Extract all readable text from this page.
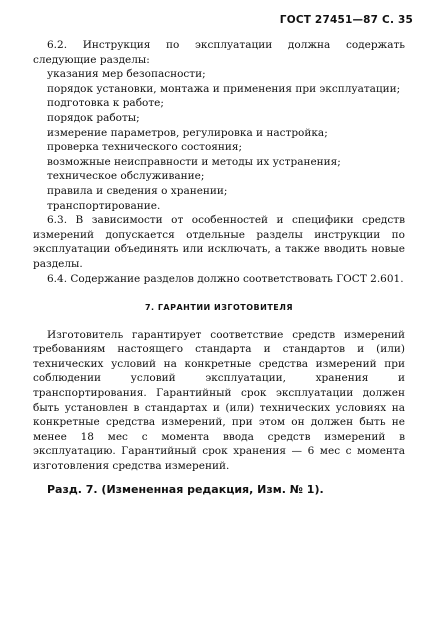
ГОСТ 27451—87 С. 35

6.2. Инструкция по эксплуатации должна содержать следующие разделы:

указания мер безопасности;
порядок установки, монтажа и применения при эксплуатации;
подготовка к работе;
порядок работы;
измерение параметров, регулировка и настройка;
проверка технического состояния;
возможные неисправности и методы их устранения;
техническое обслуживание;
правила и сведения о хранении;
транспортирование.

6.3. В зависимости от особенностей и специфики средств измерений допускается отдельные разделы инструкции по эксплуатации объединять или исключать, а также вводить новые разделы.

6.4. Содержание разделов должно соответствовать ГОСТ 2.601.

7. ГАРАНТИИ ИЗГОТОВИТЕЛЯ

Изготовитель гарантирует соответствие средств измерений требованиям настоящего стандарта и стандартов и (или) технических условий на конкретные средства измерений при соблюдении условий эксплуатации, хранения и транспортирования. Гарантийный срок эксплуатации должен быть установлен в стандартах и (или) технических условиях на конкретные средства измерений, при этом он должен быть не менее 18 мес с момента ввода средств измерений в эксплуатацию. Гарантийный срок хранения — 6 мес с момента изготовления средства измерений.

Разд. 7. (Измененная редакция, Изм. № 1).
